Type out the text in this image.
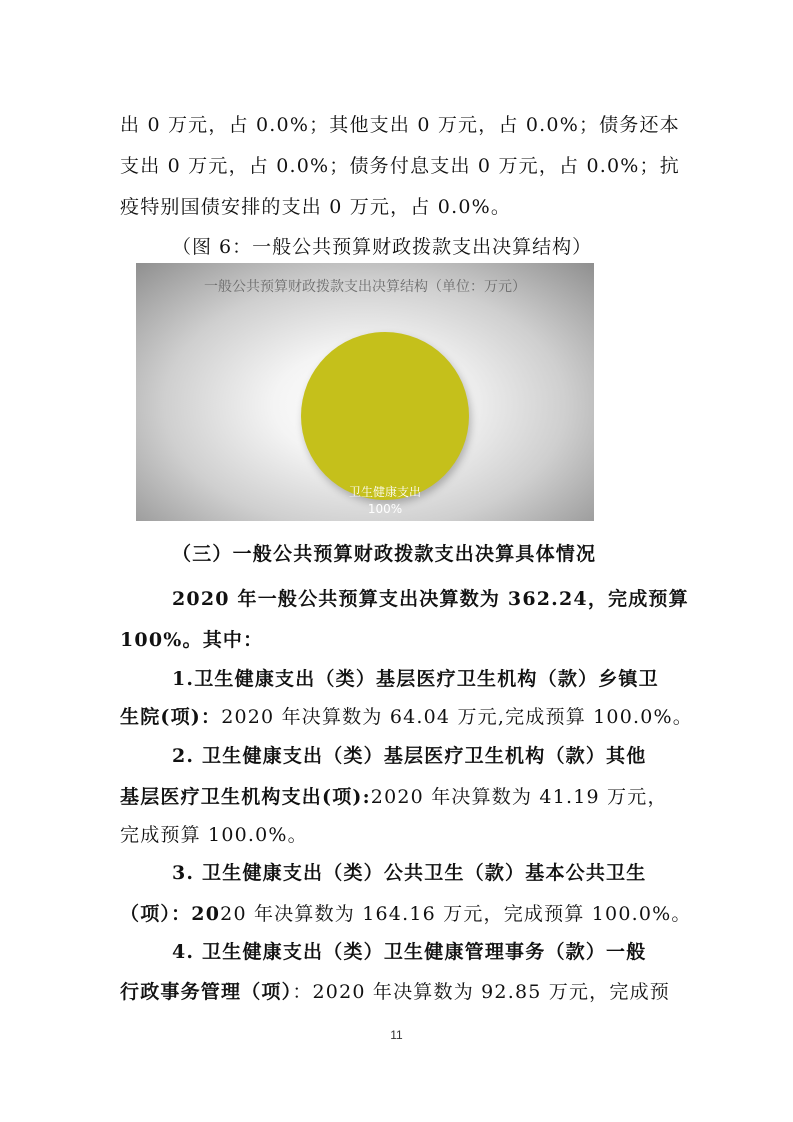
出 0 万元，占 0.0%；其他支出 0 万元，占 0.0%；债务还本
支出 0 万元，占 0.0%；债务付息支出 0 万元，占 0.0%；抗
疫特别国债安排的支出 0 万元，占 0.0%。
（图 6：一般公共预算财政拨款支出决算结构）
一般公共预算财政拨款支出决算结构（单位：万元）
卫生健康支出
100%
（三）一般公共预算财政拨款支出决算具体情况
2020 年一般公共预算支出决算数为 362.24，完成预算
100%。其中：
1.卫生健康支出（类）基层医疗卫生机构（款）乡镇卫
生院(项)：2020 年决算数为 64.04 万元,完成预算 100.0%。
2. 卫生健康支出（类）基层医疗卫生机构（款）其他
基层医疗卫生机构支出(项):2020 年决算数为 41.19 万元，
完成预算 100.0%。
3. 卫生健康支出（类）公共卫生（款）基本公共卫生
（项）：2020 年决算数为 164.16 万元，完成预算 100.0%。
4. 卫生健康支出（类）卫生健康管理事务（款）一般
行政事务管理（项）：2020 年决算数为 92.85 万元，完成预
11
